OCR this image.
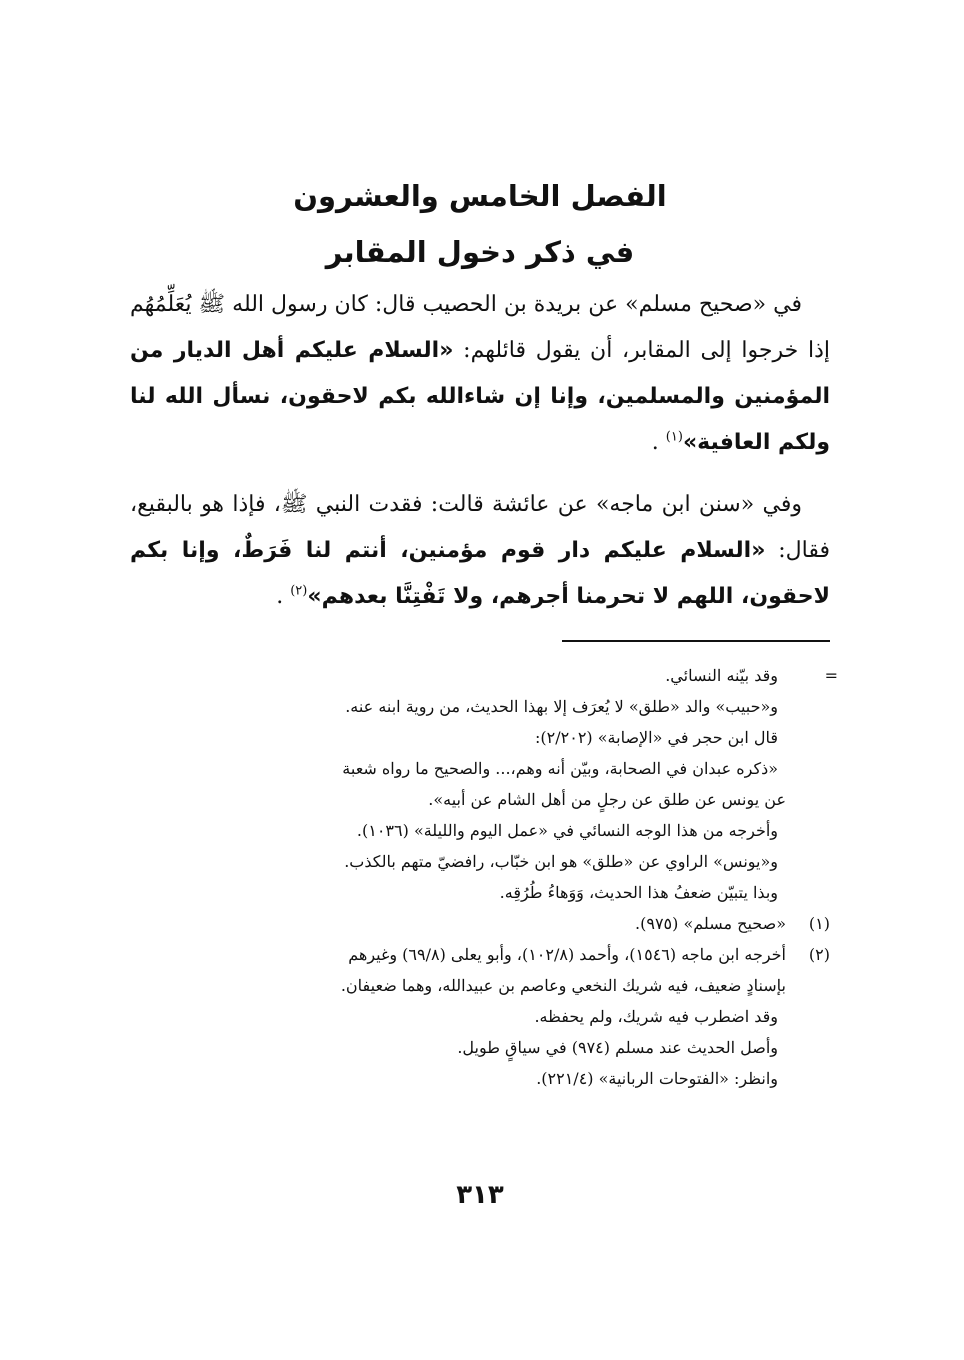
الفصل الخامس والعشرون
في ذكر دخول المقابر

في «صحيح مسلم» عن بريدة بن الحصيب قال: كان رسول الله ﷺ يُعَلِّمُهُم إذا خرجوا إلى المقابر، أن يقول قائلهم: «السلام عليكم أهل الديار من المؤمنين والمسلمين، وإنا إن شاءالله بكم لاحقون، نسأل الله لنا ولكم العافية»$^{(١)}$ .

وفي «سنن ابن ماجه» عن عائشة قالت: فقدت النبي ﷺ، فإذا هو بالبقيع، فقال: «السلام عليكم دار قوم مؤمنين، أنتم لنا فَرَطٌ، وإنا بكم لاحقون، اللهم لا تحرمنا أجرهم، ولا تَفْتِنَّا بعدهم»$^{(٢)}$ .

=
وقد بيّنه النسائي.
و«حبيب» والد «طلق» لا يُعرَف إلا بهذا الحديث، من روية ابنه عنه.
قال ابن حجر في «الإصابة» (٢/٢٠٢):
«ذكره عبدان في الصحابة، وبيّن أنه وهم،... والصحيح ما رواه شعبة
عن يونس عن طلق عن رجلٍ من أهل الشام عن أبيه».
وأخرجه من هذا الوجه النسائي في «عمل اليوم والليلة» (١٠٣٦).
و«يونس» الراوي عن «طلق» هو ابن خبّاب، رافضيّ متهم بالكذب.
وبذا يتبيّن ضعفُ هذا الحديث، وَوَهاءُ طُرُقِه.
(١)«صحيح مسلم» (٩٧٥).
(٢)أخرجه ابن ماجه (١٥٤٦)، وأحمد (١٠٢/٨)، وأبو يعلى (٦٩/٨) وغيرهم
بإسنادٍ ضعيف، فيه شريك النخعي وعاصم بن عبيدالله، وهما ضعيفان.
وقد اضطرب فيه شريك، ولم يحفظه.
وأصل الحديث عند مسلم (٩٧٤) في سياقٍ طويل.
وانظر: «الفتوحات الربانية» (٢٢١/٤).
٣١٣
